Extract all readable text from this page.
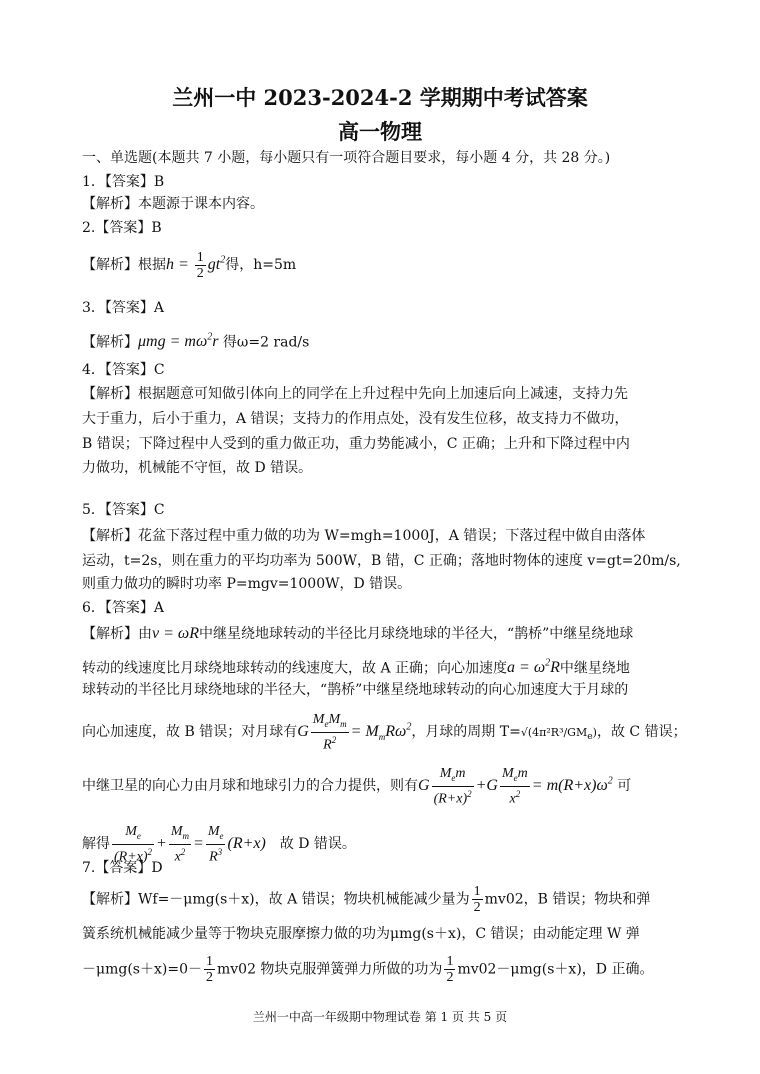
兰州一中 2023-2024-2 学期期中考试答案
高一物理
一、单选题(本题共 7 小题，每小题只有一项符合题目要求，每小题 4 分，共 28 分。)
1．【答案】B
【解析】本题源于课本内容。
2.【答案】B
【解析】根据$h = \frac{1}{2} gt^2$得，h=5m
3．【答案】A
【解析】$\mu mg = m\omega^2r$ 得ω=2 rad/s
4．【答案】C
【解析】根据题意可知做引体向上的同学在上升过程中先向上加速后向上减速，支持力先
大于重力，后小于重力，A 错误；支持力的作用点处，没有发生位移，故支持力不做功，
B 错误；下降过程中人受到的重力做正功，重力势能减小，C 正确；上升和下降过程中内
力做功，机械能不守恒，故 D 错误。
5．【答案】C
【解析】花盆下落过程中重力做的功为 W=mgh=1000J，A 错误；下落过程中做自由落体
运动，t=2s，则在重力的平均功率为 500W，B 错，C 正确；落地时物体的速度 v=gt=20m/s,
则重力做功的瞬时功率 P=mgv=1000W，D 错误。
6．【答案】A
【解析】由v = ωR中继星绕地球转动的半径比月球绕地球的半径大，“鹊桥”中继星绕地球
转动的线速度比月球绕地球转动的线速度大，故 A 正确；向心加速度$a = \omega^2R$中继星绕地
球转动的半径比月球绕地球的半径大，“鹊桥”中继星绕地球转动的向心加速度大于月球的
向心加速度，故 B 错误；对月球有G $\frac{M_eM_m}{R^2} = M_mR\omega^2$，月球的周期 $T=√(4\pi^2R^3/GM_e)$，故 C 错误；
中继卫星的向心力由月球和地球引力的合力提供，则有G $\frac{M_em}{(R+x)^2} +G \frac{M_em}{x^2} = m(R+x)\omega^2$ 可
解得 $\frac{M_e}{(R+x)^2} + \frac{M_m}{x^2} = \frac{M_e}{R^3} (R+x)$　 故 D 错误。
7.【答案】D
【解析】Wf=－μmg(s＋x)，故 A 错误；物块机械能减少量为 $\frac{1}{2} mv02$，B 错误；物块和弹
簧系统机械能减少量等于物块克服摩擦力做的功为μmg(s＋x)，C 错误；由动能定理 W 弹
$-\mu mg(s+x)=0- \frac{1}{2} mv02$ 物块克服弹簧弹力所做的功为 $\frac{1}{2} mv02-\mu mg(s+x)$，D 正确。
兰州一中高一年级期中物理试卷 第 1 页 共 5 页
